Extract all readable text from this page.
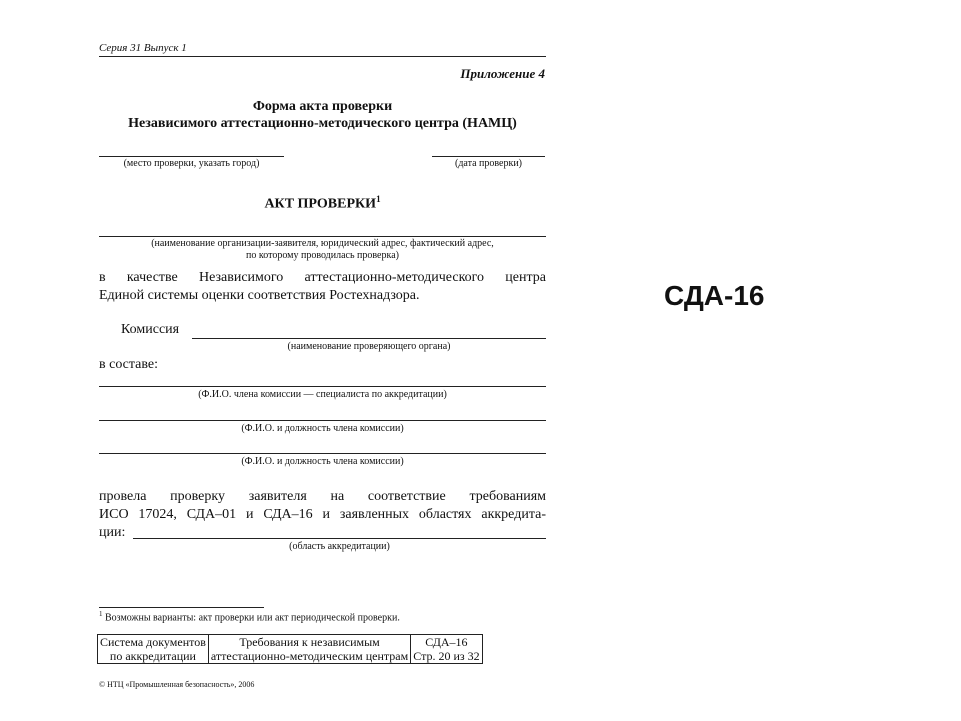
Серия 31 Выпуск 1
Приложение 4
Форма акта проверки
Независимого аттестационно-методического центра (НАМЦ)
(место проверки, указать город)	(дата проверки)
АКТ ПРОВЕРКИ$^1$
(наименование организации-заявителя, юридический адрес, фактический адрес,
по которому проводилась проверка)
в качестве Независимого аттестационно-методического центра
Единой системы оценки соответствия Ростехнадзора.
Комиссия
(наименование проверяющего органа)
в составе:
(Ф.И.О. члена комиссии — специалиста по аккредитации)
(Ф.И.О. и должность члена комиссии)
(Ф.И.О. и должность члена комиссии)
провела проверку заявителя на соответствие требованиям
ИСО 17024, СДА–01 и СДА–16 и заявленных областях аккредита-
ции:
(область аккредитации)
$^1$ Возможны варианты: акт проверки или акт периодической проверки.
Система документов
по аккредитации

Требования к независимым
аттестационно-методическим центрам

СДА–16
Стр. 20 из 32
© НТЦ «Промышленная безопасность», 2006
СДА-16
